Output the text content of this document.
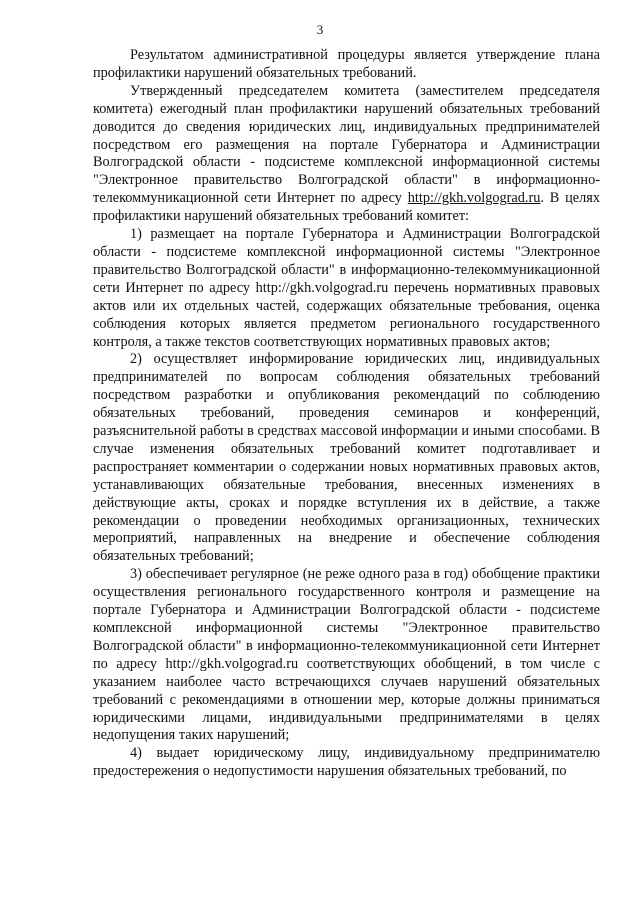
3

Результатом административной процедуры является утверждение плана профилактики нарушений обязательных требований.

Утвержденный председателем комитета (заместителем председателя комитета) ежегодный план профилактики нарушений обязательных требований доводится до сведения юридических лиц, индивидуальных предпринимателей посредством его размещения на портале Губернатора и Администрации Волгоградской области - подсистеме комплексной информационной системы "Электронное правительство Волгоградской области" в информационно-телекоммуникационной сети Интернет по адресу http://gkh.volgograd.ru. В целях профилактики нарушений обязательных требований комитет:

1) размещает на портале Губернатора и Администрации Волгоградской области - подсистеме комплексной информационной системы "Электронное правительство Волгоградской области" в информационно-телекоммуникационной сети Интернет по адресу http://gkh.volgograd.ru перечень нормативных правовых актов или их отдельных частей, содержащих обязательные требования, оценка соблюдения которых является предметом регионального государственного контроля, а также текстов соответствующих нормативных правовых актов;

2) осуществляет информирование юридических лиц, индивидуальных предпринимателей по вопросам соблюдения обязательных требований посредством разработки и опубликования рекомендаций по соблюдению обязательных требований, проведения семинаров и конференций, разъяснительной работы в средствах массовой информации и иными способами. В случае изменения обязательных требований комитет подготавливает и распространяет комментарии о содержании новых нормативных правовых актов, устанавливающих обязательные требования, внесенных изменениях в действующие акты, сроках и порядке вступления их в действие, а также рекомендации о проведении необходимых организационных, технических мероприятий, направленных на внедрение и обеспечение соблюдения обязательных требований;

3) обеспечивает регулярное (не реже одного раза в год) обобщение практики осуществления регионального государственного контроля и размещение на портале Губернатора и Администрации Волгоградской области - подсистеме комплексной информационной системы "Электронное правительство Волгоградской области" в информационно-телекоммуникационной сети Интернет по адресу http://gkh.volgograd.ru соответствующих обобщений, в том числе с указанием наиболее часто встречающихся случаев нарушений обязательных требований с рекомендациями в отношении мер, которые должны приниматься юридическими лицами, индивидуальными предпринимателями в целях недопущения таких нарушений;

4) выдает юридическому лицу, индивидуальному предпринимателю предостережения о недопустимости нарушения обязательных требований, по
